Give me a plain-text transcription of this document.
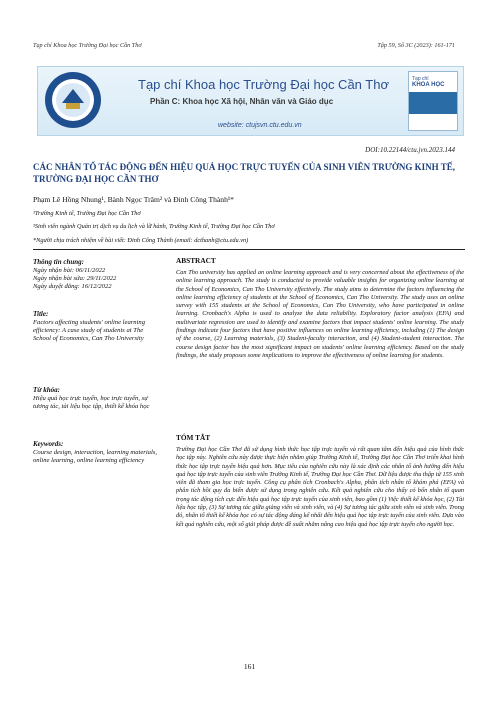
Tạp chí Khoa học Trường Đại học Cần Thơ	Tập 59, Số 3C (2023): 161-171
Tạp chí Khoa học Trường Đại học Cần Thơ
Phần C: Khoa học Xã hội, Nhân văn và Giáo dục
website: ctujsvn.ctu.edu.vn
Tạp chí
KHOA HỌC
DOI:10.22144/ctu.jvn.2023.144
CÁC NHÂN TỐ TÁC ĐỘNG ĐẾN HIỆU QUẢ HỌC TRỰC TUYẾN CỦA SINH VIÊN TRƯỜNG KINH TẾ, TRƯỜNG ĐẠI HỌC CẦN THƠ
Phạm Lê Hồng Nhung¹, Bành Ngọc Trâm² và Đinh Công Thành¹*
¹Trường Kinh tế, Trường Đại học Cần Thơ
²Sinh viên ngành Quản trị dịch vụ du lịch và lữ hành, Trường Kinh tế, Trường Đại học Cần Thơ
*Người chịu trách nhiệm về bài viết: Đinh Công Thành (email: dcthanh@ctu.edu.vn)
Thông tin chung:
Ngày nhận bài: 06/11/2022
Ngày nhận bài sửa: 29/11/2022
Ngày duyệt đăng: 16/12/2022
Title:
Factors affecting students' online learning efficiency: A case study of students at The School of Economics, Can Tho University
Từ khóa:
Hiệu quả học trực tuyến, học trực tuyến, sự tương tác, tài liệu học tập, thiết kế khóa học
Keywords:
Course design, interaction, learning materials, online learning, online learning efficiency
ABSTRACT
Can Tho university has applied an online learning approach and is very concerned about the effectiveness of the online learning approach. The study is conducted to provide valuable insights for organizing online learning at the School of Economics, Can Tho University effectively. The study aims to determine the factors influencing the online learning efficiency of students at the School of Economics, Can Tho University. The study uses an online survey with 155 students at the School of Economics, Can Tho University, who have participated in online learning. Cronbach's Alpha is used to analyze the data reliability. Exploratory factor analysis (EFA) and multivariate regression are used to identify and examine factors that impact students' online learning. The study findings indicate four factors that have positive influences on online learning efficiency, including (1) The design of the course, (2) Learning materials, (3) Student-faculty interaction, and (4) Student-student interaction. The course design factor has the most significant impact on students' online learning efficiency. Based on the study findings, the study proposes some implications to improve the effectiveness of online learning for students.
TÓM TẮT
Trường Đại học Cần Thơ đã sử dụng hình thức học tập trực tuyến và rất quan tâm đến hiệu quả của hình thức học tập này. Nghiên cứu này được thực hiện nhằm giúp Trường Kinh tế, Trường Đại học Cần Thơ triển khai hình thức học tập trực tuyến hiệu quả hơn. Mục tiêu của nghiên cứu này là xác định các nhân tố ảnh hưởng đến hiệu quả học tập trực tuyến của sinh viên Trường Kinh tế, Trường Đại học Cần Thơ. Dữ liệu được thu thập từ 155 sinh viên đã tham gia học trực tuyến. Công cụ phân tích Cronbach's Alpha, phân tích nhân tố khám phá (EFA) và phân tích hồi quy đa biến được sử dụng trong nghiên cứu. Kết quả nghiên cứu cho thấy có bốn nhân tố quan trọng tác động tích cực đến hiệu quả học tập trực tuyến của sinh viên, bao gồm (1) Việc thiết kế khóa học, (2) Tài liệu học tập, (3) Sự tương tác giữa giảng viên và sinh viên, và (4) Sự tương tác giữa sinh viên và sinh viên. Trong đó, nhân tố thiết kế khóa học có sự tác động đáng kể nhất đến hiệu quả học tập trực tuyến của sinh viên. Dựa vào kết quả nghiên cứu, một số giải pháp được đề xuất nhằm nâng cao hiệu quả học tập trực tuyến cho người học.
161
